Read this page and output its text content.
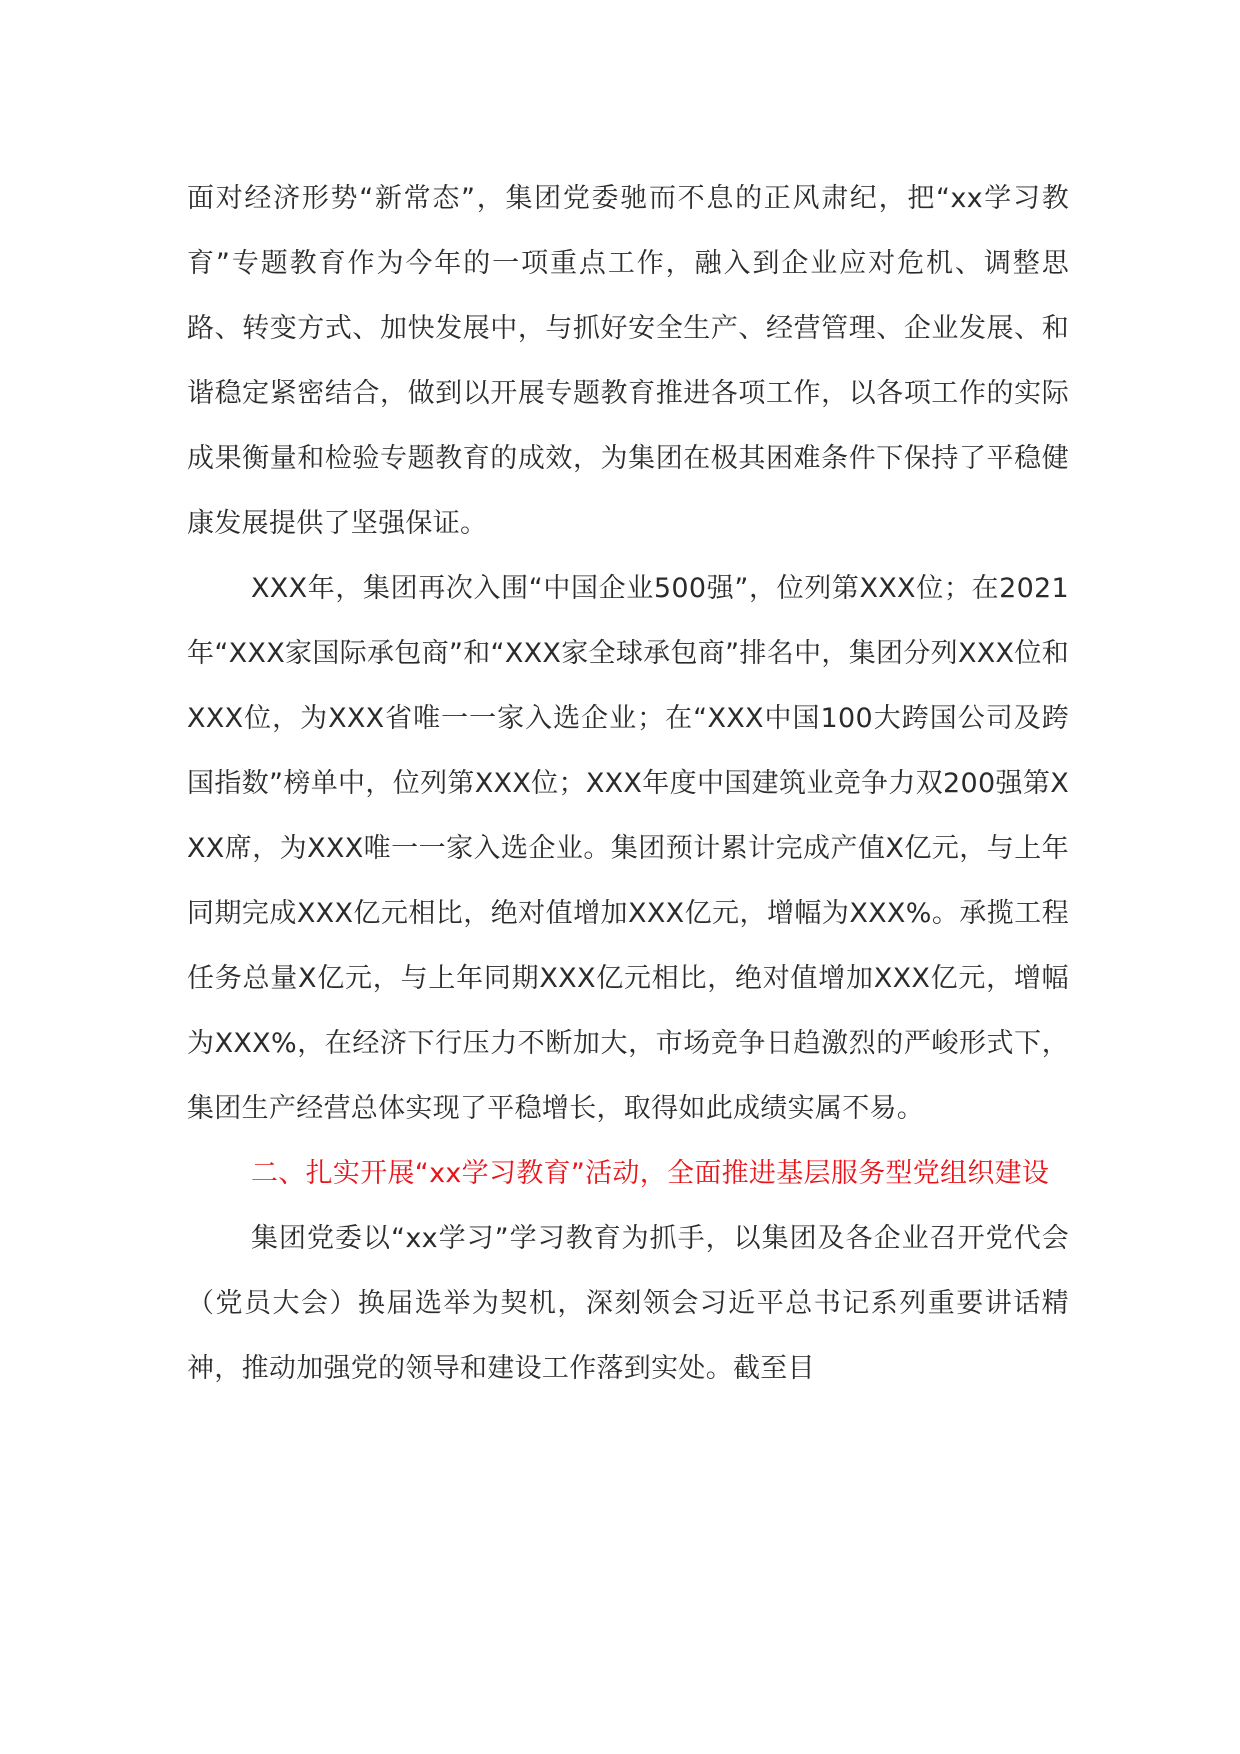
面对经济形势“新常态”，集团党委驰而不息的正风肃纪，把“xx学习教育”专题教育作为今年的一项重点工作，融入到企业应对危机、调整思路、转变方式、加快发展中，与抓好安全生产、经营管理、企业发展、和谐稳定紧密结合，做到以开展专题教育推进各项工作，以各项工作的实际成果衡量和检验专题教育的成效，为集团在极其困难条件下保持了平稳健康发展提供了坚强保证。

XXX年，集团再次入围“中国企业500强”，位列第XXX位；在2021年“XXX家国际承包商”和“XXX家全球承包商”排名中，集团分列XXX位和XXX位，为XXX省唯一一家入选企业；在“XXX中国100大跨国公司及跨国指数”榜单中，位列第XXX位；XXX年度中国建筑业竞争力双200强第XXX席，为XXX唯一一家入选企业。集团预计累计完成产值X亿元，与上年同期完成XXX亿元相比，绝对值增加XXX亿元，增幅为XXX%。承揽工程任务总量X亿元，与上年同期XXX亿元相比，绝对值增加XXX亿元，增幅为XXX%，在经济下行压力不断加大，市场竞争日趋激烈的严峻形式下，集团生产经营总体实现了平稳增长，取得如此成绩实属不易。

二、扎实开展“xx学习教育”活动，全面推进基层服务型党组织建设

集团党委以“xx学习”学习教育为抓手，以集团及各企业召开党代会（党员大会）换届选举为契机，深刻领会习近平总书记系列重要讲话精神，推动加强党的领导和建设工作落到实处。截至目
